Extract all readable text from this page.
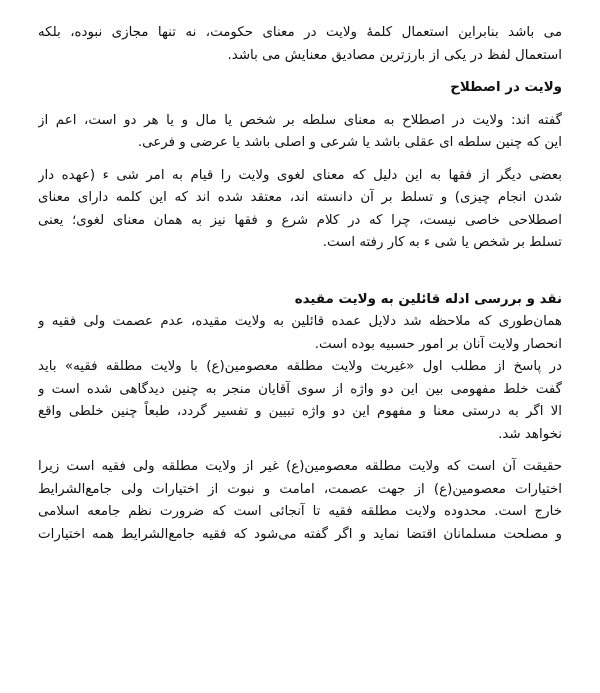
می باشد بنابراین استعمال کلمهٔ ولایت در معنای حکومت، نه تنها مجازی نبوده، بلکه
استعمال لفظ در یکی از بارزترین مصادیق معنایش می باشد.
ولایت در اصطلاح
گفته اند: ولایت در اصطلاح به معنای سلطه بر شخص یا مال و یا هر دو است، اعم از
این که چنین سلطه ای عقلی باشد یا شرعی و اصلی باشد یا عرضی و فرعی.
بعضی دیگر از فقها به این دلیل که معنای لغوی ولایت را قیام به امر شی ء (عهده دار
شدن انجام چیزی) و تسلط بر آن دانسته اند، معتقد شده اند که این کلمه دارای معنای
اصطلاحی خاصی نیست، چرا که در کلام شرع و فقها نیز به همان معنای لغوی؛ یعنی
تسلط بر شخص یا شی ء به کار رفته است.
نقد و بررسی ادله قائلین به ولایت مقیده
همان‌طوری که ملاحظه شد دلایل عمده قائلین به ولایت مقیده، عدم عصمت ولی فقیه و
انحصار ولایت آنان بر امور حسبیه بوده است.
در پاسخ از مطلب اول «غیریت ولایت مطلقه معصومین(ع) با ولایت مطلقه فقیه» باید
گفت خلط مفهومی بین این دو واژه از سوی آقایان منجر به چنین دیدگاهی شده است و
الا اگر به درستی معنا و مفهوم این دو واژه تبیین و تفسیر گردد، طبعاً چنین خلطی واقع
نخواهد شد.
حقیقت آن است که ولایت مطلقه معصومین(ع) غیر از ولایت مطلقه ولی فقیه است زیرا
اختیارات معصومین(ع) از جهت عصمت، امامت و نبوت از اختیارات ولی جامع‌الشرایط
خارج است. محدوده ولایت مطلقه فقیه تا آنجائی است که ضرورت نظم جامعه اسلامی
و مصلحت مسلمانان اقتضا نماید و اگر گفته می‌شود که فقیه جامع‌الشرایط همه اختیارات
